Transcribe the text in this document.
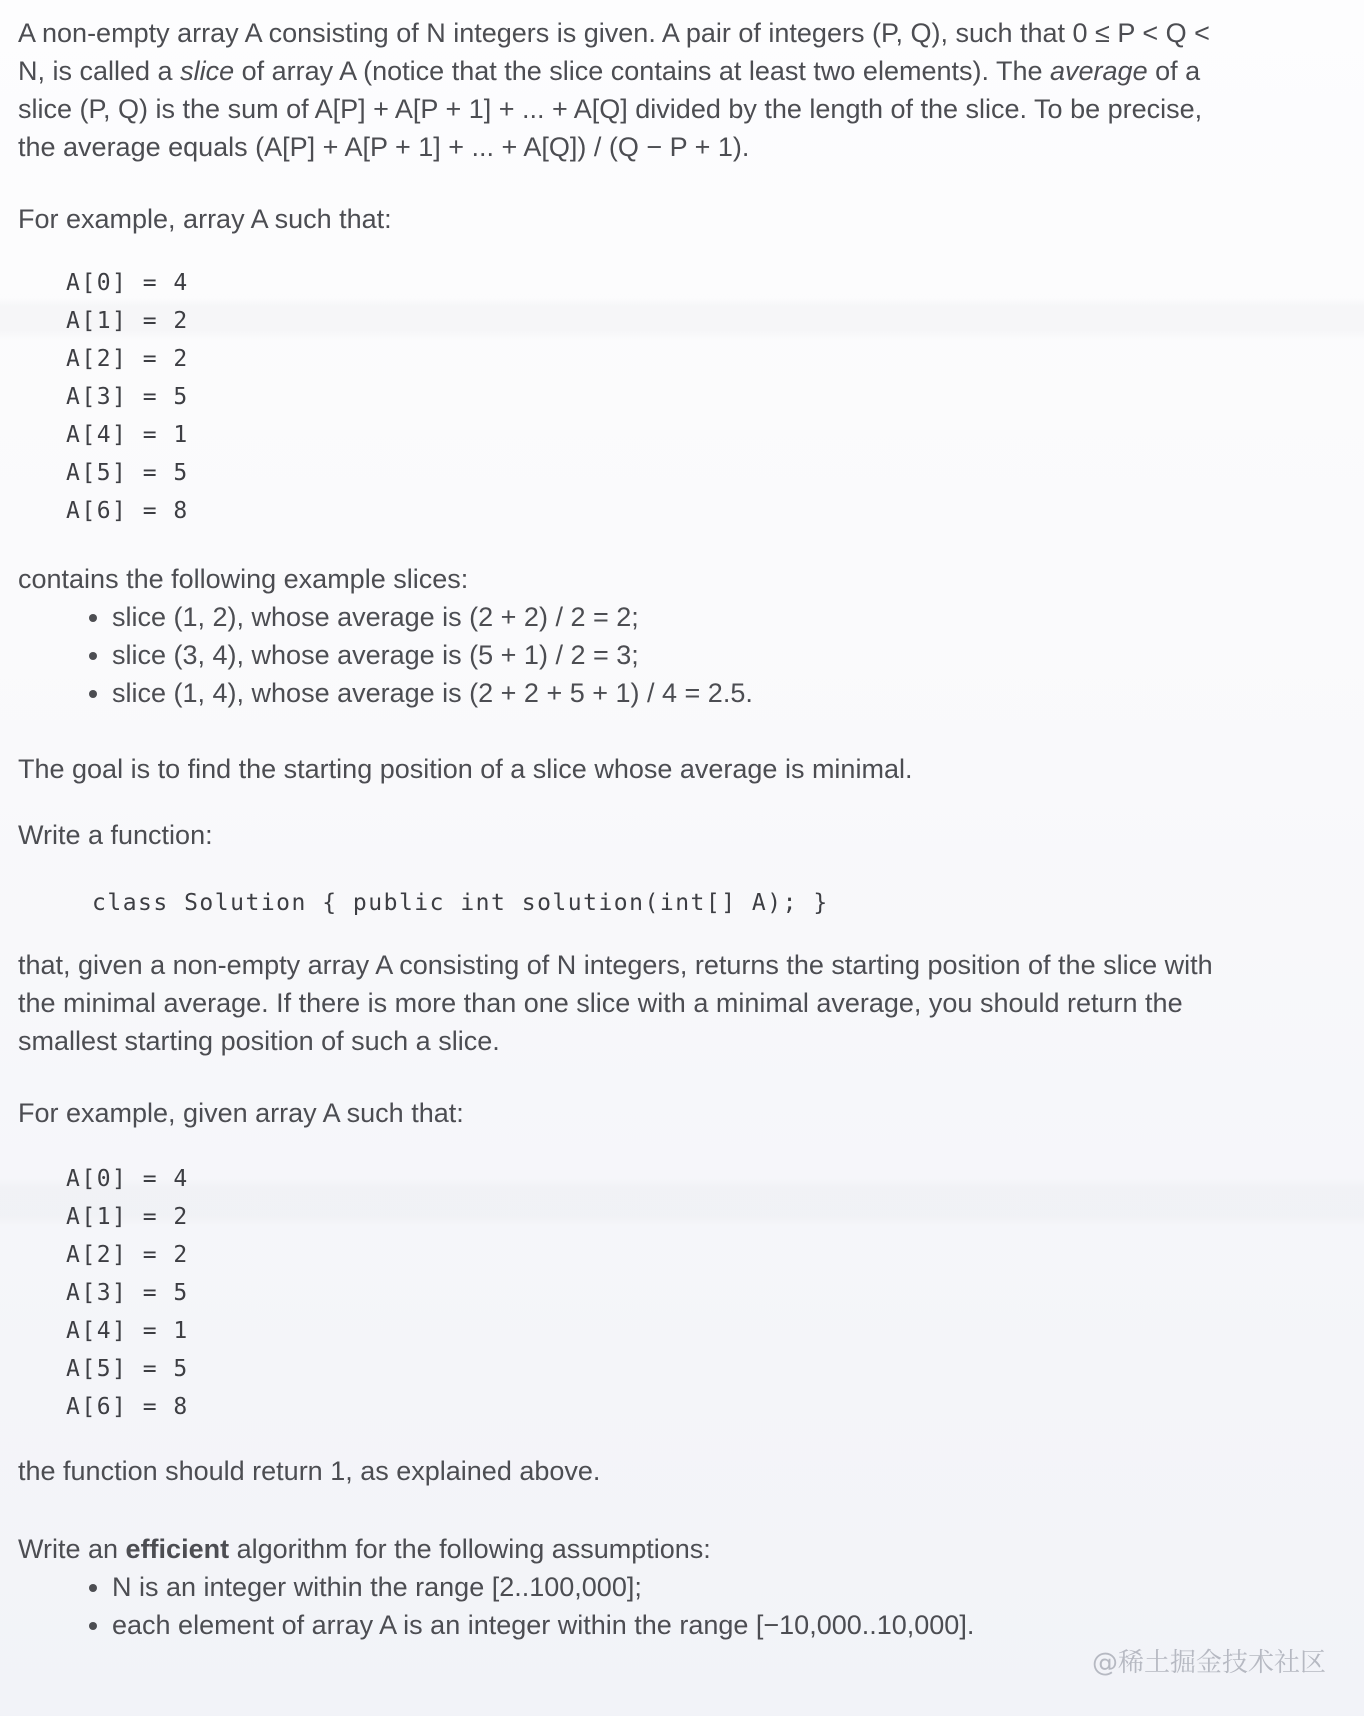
A non-empty array A consisting of N integers is given. A pair of integers (P, Q), such that 0 ≤ P < Q < N, is called a slice of array A (notice that the slice contains at least two elements). The average of a slice (P, Q) is the sum of A[P] + A[P + 1] + ... + A[Q] divided by the length of the slice. To be precise, the average equals (A[P] + A[P + 1] + ... + A[Q]) / (Q − P + 1).

For example, array A such that:

A[0] = 4
A[1] = 2
A[2] = 2
A[3] = 5
A[4] = 1
A[5] = 5
A[6] = 8

contains the following example slices:

• slice (1, 2), whose average is (2 + 2) / 2 = 2;
• slice (3, 4), whose average is (5 + 1) / 2 = 3;
• slice (1, 4), whose average is (2 + 2 + 5 + 1) / 4 = 2.5.

The goal is to find the starting position of a slice whose average is minimal.

Write a function:

class Solution { public int solution(int[] A); }

that, given a non-empty array A consisting of N integers, returns the starting position of the slice with the minimal average. If there is more than one slice with a minimal average, you should return the smallest starting position of such a slice.

For example, given array A such that:

A[0] = 4
A[1] = 2
A[2] = 2
A[3] = 5
A[4] = 1
A[5] = 5
A[6] = 8

the function should return 1, as explained above.

Write an efficient algorithm for the following assumptions:

• N is an integer within the range [2..100,000];
• each element of array A is an integer within the range [−10,000..10,000].
@稀土掘金技术社区
